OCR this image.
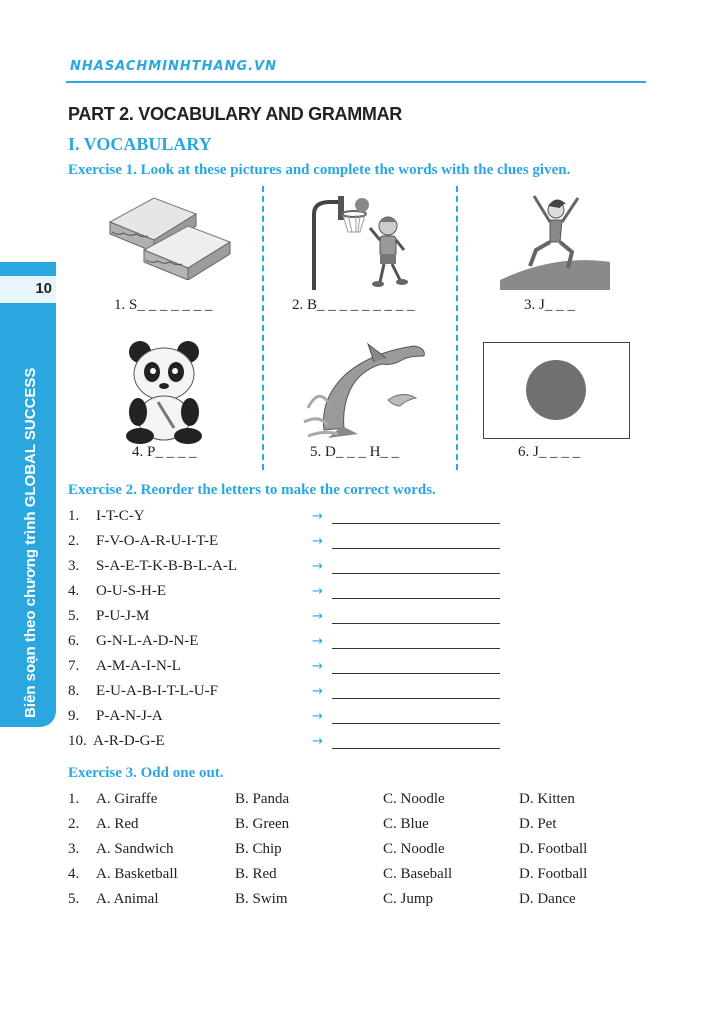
NHASACHMINHTHANG.VN
10
Biên soạn theo chương trình GLOBAL SUCCESS
PART 2. VOCABULARY AND GRAMMAR
I. VOCABULARY
Exercise 1. Look at these pictures and complete the words with the clues given.
1. S_ _ _ _ _ _ _	2. B_ _ _ _ _ _ _ _ _	3. J_ _ _
4. P_ _ _ _	5. D_ _ _ H_ _	6. J_ _ _ _
Exercise 2. Reorder the letters to make the correct words.
1. I-T-C-Y	→
2. F-V-O-A-R-U-I-T-E	→
3. S-A-E-T-K-B-B-L-A-L	→
4. O-U-S-H-E	→
5. P-U-J-M	→
6. G-N-L-A-D-N-E	→
7. A-M-A-I-N-L	→
8. E-U-A-B-I-T-L-U-F	→
9. P-A-N-J-A	→
10. A-R-D-G-E	→
Exercise 3. Odd one out.
1. A. Giraffe	B. Panda	C. Noodle	D. Kitten
2. A. Red	B. Green	C. Blue	D. Pet
3. A. Sandwich	B. Chip	C. Noodle	D. Football
4. A. Basketball	B. Red	C. Baseball	D. Football
5. A. Animal	B. Swim	C. Jump	D. Dance
